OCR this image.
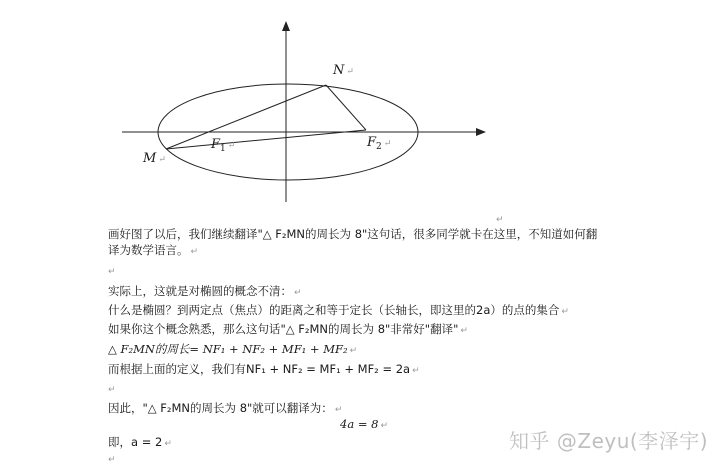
N ↵
M ↵
$F_1$ ↵	$F_2$ ↵
↵
画好图了以后，我们继续翻译"△ F₂MN的周长为 8"这句话，很多同学就卡在这里，不知道如何翻译为数学语言。 ↵
↵
实际上，这就是对椭圆的概念不清： ↵
什么是椭圆？到两定点（焦点）的距离之和等于定长（长轴长，即这里的2a）的点的集合 ↵
如果你这个概念熟悉，那么这句话"△ F₂MN的周长为 8"非常好"翻译" ↵
△ F₂MN的周长= NF₁ + NF₂ + MF₁ + MF₂ ↵
而根据上面的定义，我们有NF₁ + NF₂ = MF₁ + MF₂ = 2a ↵
↵
因此，"△ F₂MN的周长为 8"就可以翻译为： ↵
4a = 8 ↵
即，a = 2 ↵
↵
知乎 @Zeyu(李泽宇)
